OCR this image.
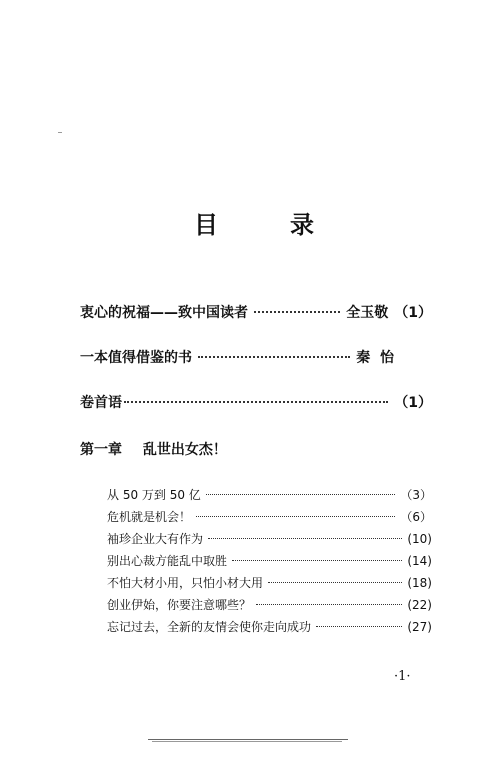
目	录
衷心的祝福——致中国读者	全玉敬 （1）
一本值得借鉴的书	秦  怡
卷首语	（1）
第一章 乱世出女杰！
从 50 万到 50 亿	（3）
危机就是机会！	（6）
袖珍企业大有作为	(10)
别出心裁方能乱中取胜	(14)
不怕大材小用，只怕小材大用	(18)
创业伊始，你要注意哪些？	(22)
忘记过去，全新的友情会使你走向成功	(27)
·1·
